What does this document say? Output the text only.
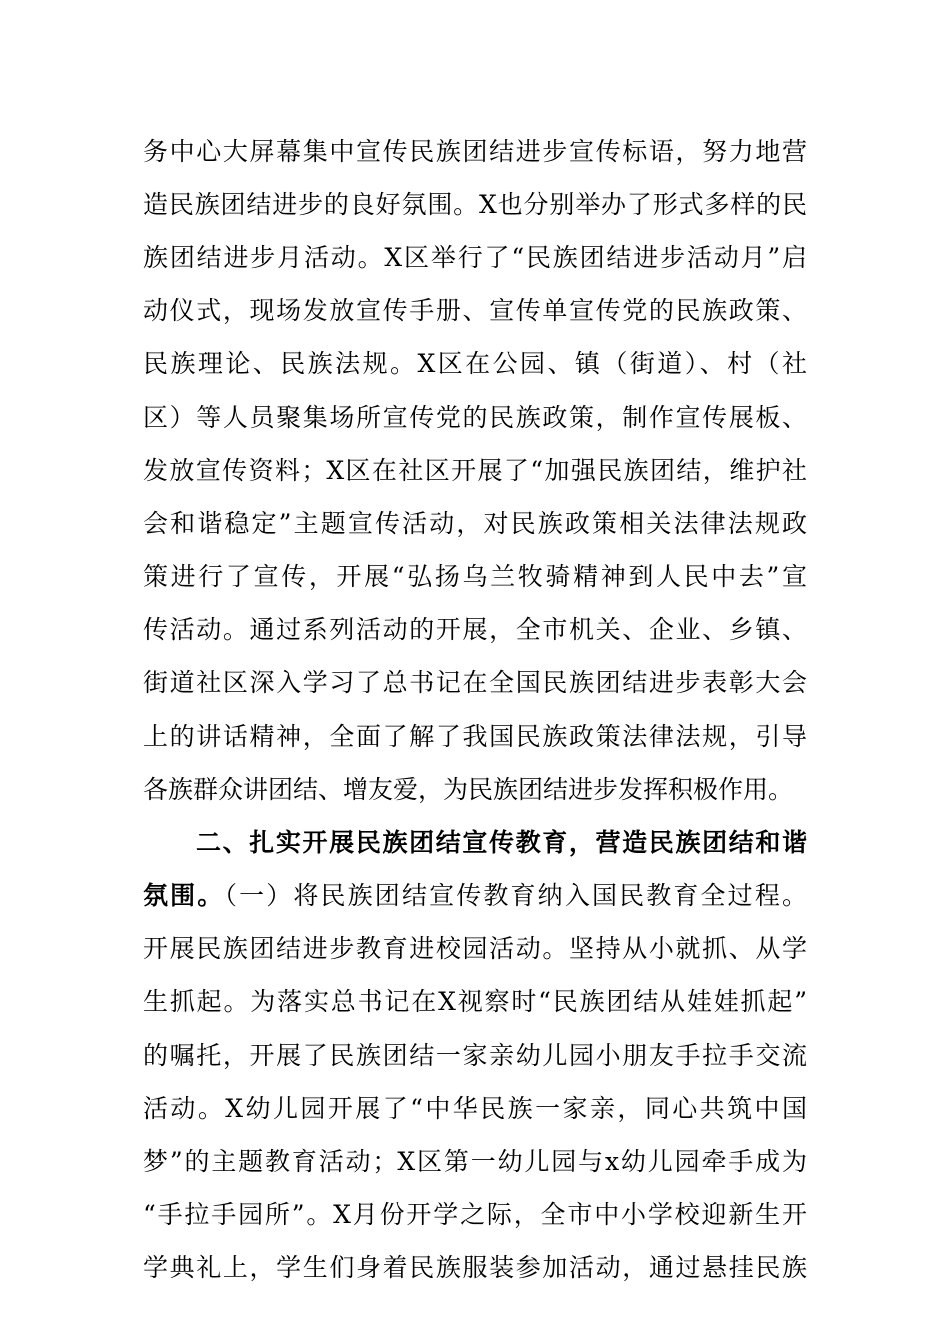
务中心大屏幕集中宣传民族团结进步宣传标语，努力地营
造民族团结进步的良好氛围。X也分别举办了形式多样的民
族团结进步月活动。X区举行了“民族团结进步活动月”启
动仪式，现场发放宣传手册、宣传单宣传党的民族政策、
民族理论、民族法规。X区在公园、镇（街道）、村（社
区）等人员聚集场所宣传党的民族政策，制作宣传展板、
发放宣传资料；X区在社区开展了“加强民族团结，维护社
会和谐稳定”主题宣传活动，对民族政策相关法律法规政
策进行了宣传，开展“弘扬乌兰牧骑精神到人民中去”宣
传活动。通过系列活动的开展，全市机关、企业、乡镇、
街道社区深入学习了总书记在全国民族团结进步表彰大会
上的讲话精神，全面了解了我国民族政策法律法规，引导
各族群众讲团结、增友爱，为民族团结进步发挥积极作用。
二、扎实开展民族团结宣传教育，营造民族团结和谐
氛围。（一）将民族团结宣传教育纳入国民教育全过程。
开展民族团结进步教育进校园活动。坚持从小就抓、从学
生抓起。为落实总书记在X视察时“民族团结从娃娃抓起”
的嘱托，开展了民族团结一家亲幼儿园小朋友手拉手交流
活动。X幼儿园开展了“中华民族一家亲，同心共筑中国
梦”的主题教育活动；X区第一幼儿园与x幼儿园牵手成为
“手拉手园所”。X月份开学之际，全市中小学校迎新生开
学典礼上，学生们身着民族服装参加活动，通过悬挂民族
